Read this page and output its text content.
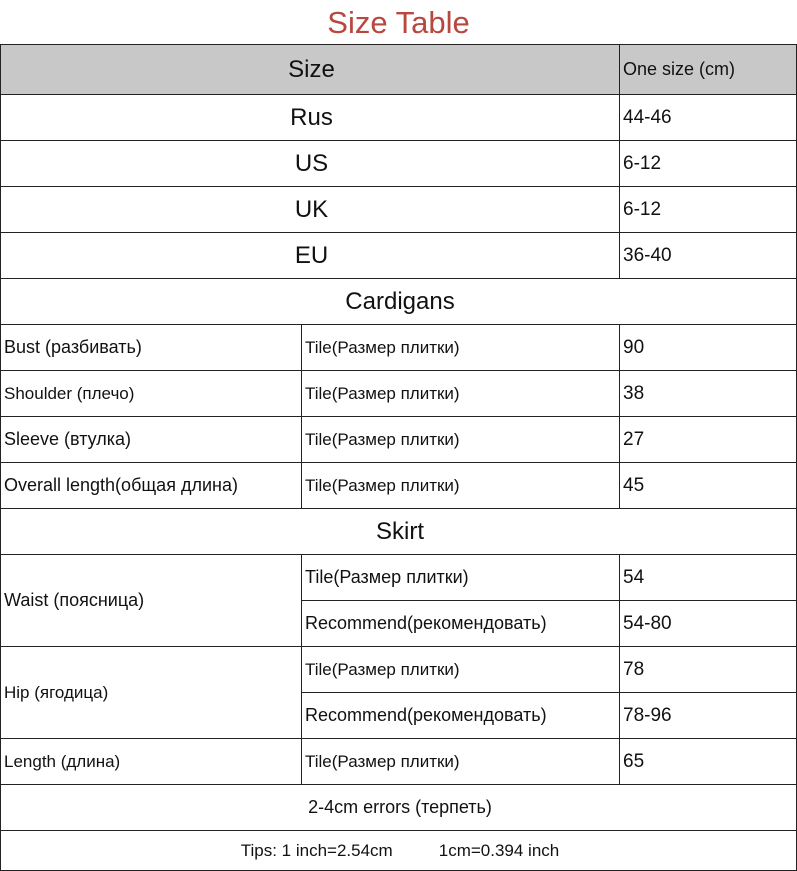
Size Table
Size		One size (cm)
Rus		44-46
US		6-12
UK		6-12
EU		36-40
Cardigans		
Bust (разбивать)	Tile(Размер плитки)	90
Shoulder (плечо)	Tile(Размер плитки)	38
Sleeve (втулка)	Tile(Размер плитки)	27
Overall length(общая длина)	Tile(Размер плитки)	45
Skirt		
Waist (поясница)	Tile(Размер плитки)	54
	Recommend(рекомендовать)	54-80
Hip (ягодица)	Tile(Размер плитки)	78
	Recommend(рекомендовать)	78-96
Length (длина)	Tile(Размер плитки)	65
2-4cm errors (терпеть)		
Tips: 1 inch=2.54cm 1cm=0.394 inch		
